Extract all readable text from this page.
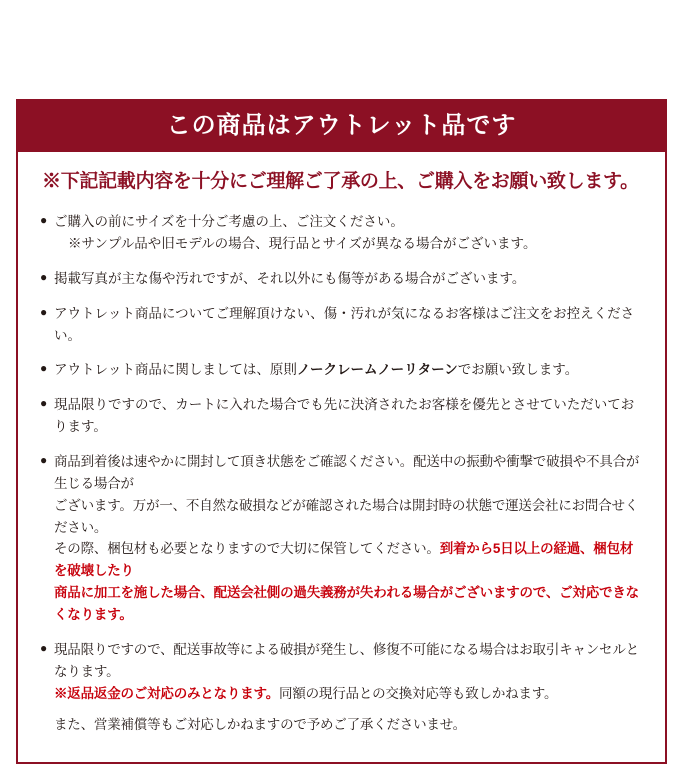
この商品はアウトレット品です
※下記記載内容を十分にご理解ご了承の上、ご購入をお願い致します。
● ご購入の前にサイズを十分ご考慮の上、ご注文ください。
※サンプル品や旧モデルの場合、現行品とサイズが異なる場合がございます。
● 掲載写真が主な傷や汚れですが、それ以外にも傷等がある場合がございます。
● アウトレット商品についてご理解頂けない、傷・汚れが気になるお客様はご注文をお控えください。
● アウトレット商品に関しましては、原則ノークレームノーリターンでお願い致します。
● 現品限りですので、カートに入れた場合でも先に決済されたお客様を優先とさせていただいております。
● 商品到着後は速やかに開封して頂き状態をご確認ください。配送中の振動や衝撃で破損や不具合が生じる場合が
ございます。万が一、不自然な破損などが確認された場合は開封時の状態で運送会社にお問合せください。
その際、梱包材も必要となりますので大切に保管してください。到着から5日以上の経過、梱包材を破壊したり
商品に加工を施した場合、配送会社側の過失義務が失われる場合がございますので、ご対応できなくなります。
● 現品限りですので、配送事故等による破損が発生し、修復不可能になる場合はお取引キャンセルとなります。
※返品返金のご対応のみとなります。同額の現行品との交換対応等も致しかねます。
また、営業補償等もご対応しかねますので予めご了承くださいませ。
